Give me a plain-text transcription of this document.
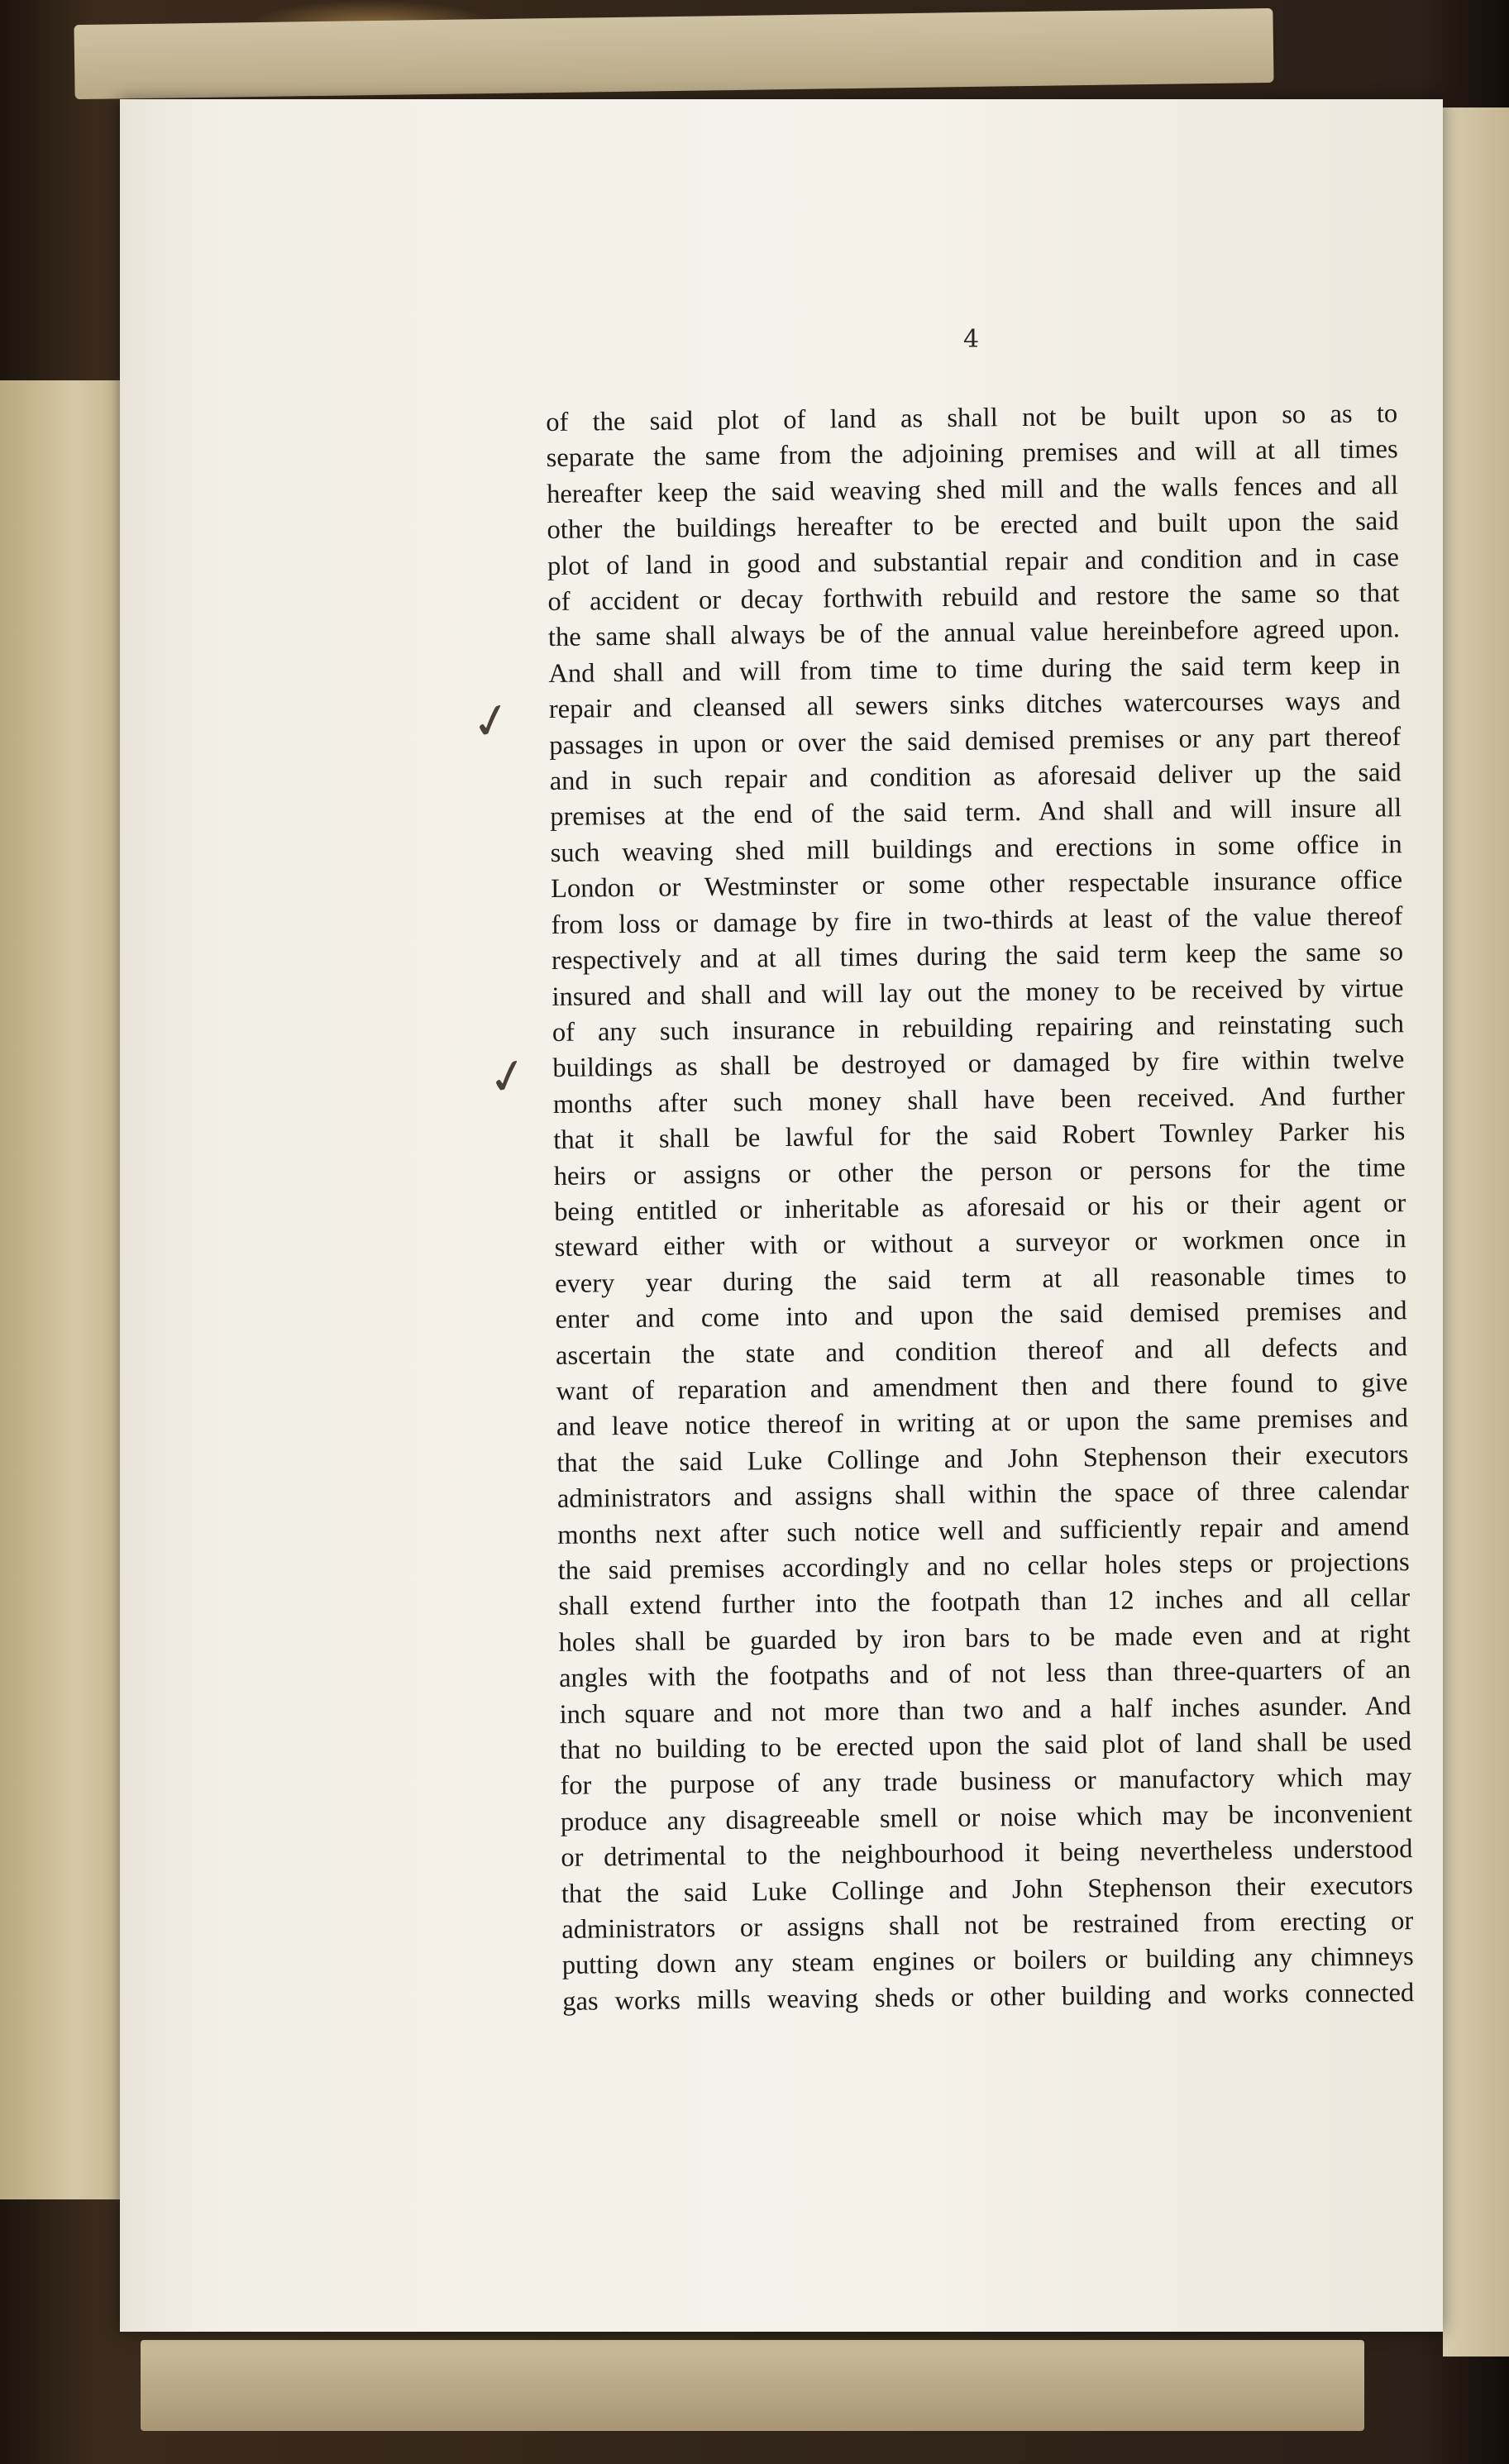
4
✓
✓
of the said plot of land as shall not be built upon so as to
separate the same from the adjoining premises and will at all times
hereafter keep the said weaving shed mill and the walls fences and all
other the buildings hereafter to be erected and built upon the said
plot of land in good and substantial repair and condition and in case
of accident or decay forthwith rebuild and restore the same so that
the same shall always be of the annual value hereinbefore agreed upon.
And shall and will from time to time during the said term keep in
repair and cleansed all sewers sinks ditches watercourses ways and
passages in upon or over the said demised premises or any part thereof
and in such repair and condition as aforesaid deliver up the said
premises at the end of the said term. And shall and will insure all
such weaving shed mill buildings and erections in some office in
London or Westminster or some other respectable insurance office
from loss or damage by fire in two-thirds at least of the value thereof
respectively and at all times during the said term keep the same so
insured and shall and will lay out the money to be received by virtue
of any such insurance in rebuilding repairing and reinstating such
buildings as shall be destroyed or damaged by fire within twelve
months after such money shall have been received. And further
that it shall be lawful for the said Robert Townley Parker his
heirs or assigns or other the person or persons for the time
being entitled or inheritable as aforesaid or his or their agent or
steward either with or without a surveyor or workmen once in
every year during the said term at all reasonable times to
enter and come into and upon the said demised premises and
ascertain the state and condition thereof and all defects and
want of reparation and amendment then and there found to give
and leave notice thereof in writing at or upon the same premises and
that the said Luke Collinge and John Stephenson their executors
administrators and assigns shall within the space of three calendar
months next after such notice well and sufficiently repair and amend
the said premises accordingly and no cellar holes steps or projections
shall extend further into the footpath than 12 inches and all cellar
holes shall be guarded by iron bars to be made even and at right
angles with the footpaths and of not less than three-quarters of an
inch square and not more than two and a half inches asunder. And
that no building to be erected upon the said plot of land shall be used
for the purpose of any trade business or manufactory which may
produce any disagreeable smell or noise which may be inconvenient
or detrimental to the neighbourhood it being nevertheless understood
that the said Luke Collinge and John Stephenson their executors
administrators or assigns shall not be restrained from erecting or
putting down any steam engines or boilers or building any chimneys
gas works mills weaving sheds or other building and works connected
